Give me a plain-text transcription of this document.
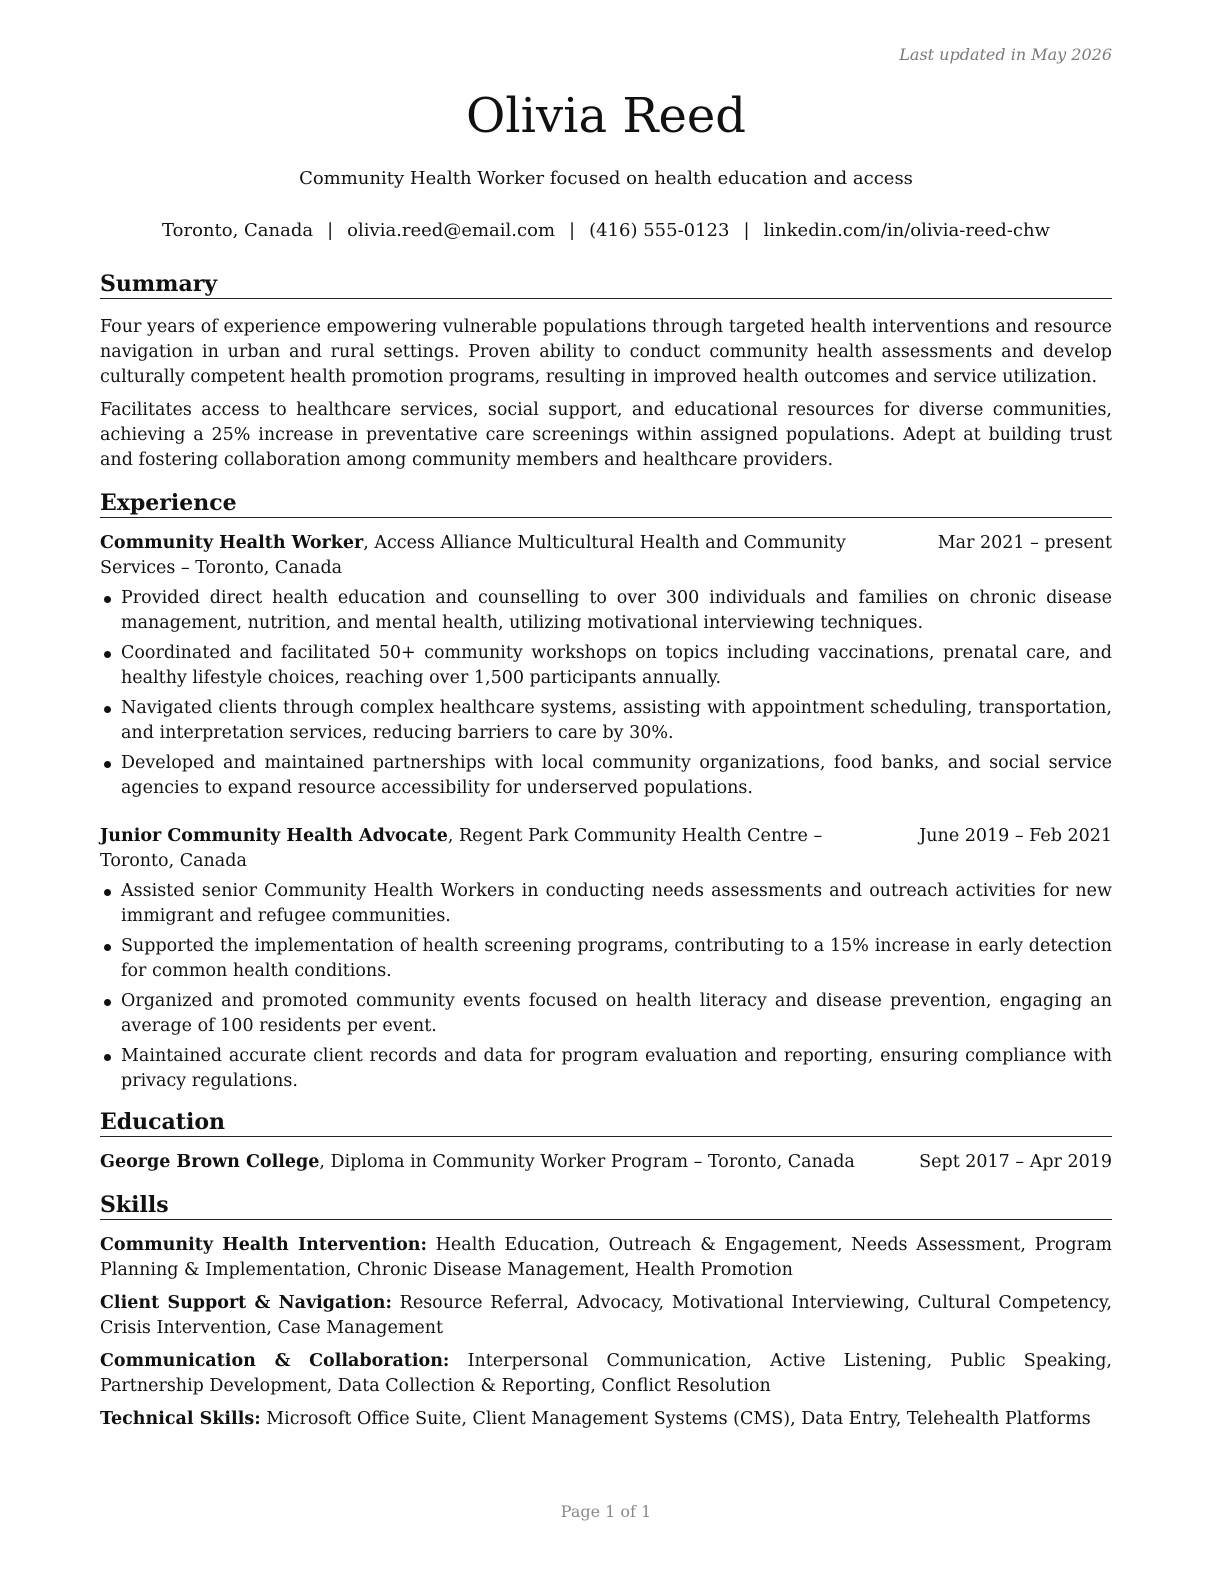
Last updated in May 2026
Olivia Reed
Community Health Worker focused on health education and access
Toronto, Canada | olivia.reed@email.com | (416) 555-0123 | linkedin.com/in/olivia-reed-chw
Summary

Four years of experience empowering vulnerable populations through targeted health interventions and resource navigation in urban and rural settings. Proven ability to conduct community health assessments and develop culturally competent health promotion programs, resulting in improved health outcomes and service utilization.

Facilitates access to healthcare services, social support, and educational resources for diverse communities, achieving a 25% increase in preventative care screenings within assigned populations. Adept at building trust and fostering collaboration among community members and healthcare providers.

Experience
Community Health Worker, Access Alliance Multicultural Health and Community Services – Toronto, Canada
Mar 2021 – present
Provided direct health education and counselling to over 300 individuals and families on chronic disease management, nutrition, and mental health, utilizing motivational interviewing techniques.
Coordinated and facilitated 50+ community workshops on topics including vaccinations, prenatal care, and healthy lifestyle choices, reaching over 1,500 participants annually.
Navigated clients through complex healthcare systems, assisting with appointment scheduling, transportation, and interpretation services, reducing barriers to care by 30%.
Developed and maintained partnerships with local community organizations, food banks, and social service agencies to expand resource accessibility for underserved populations.
Junior Community Health Advocate, Regent Park Community Health Centre – Toronto, Canada
June 2019 – Feb 2021
Assisted senior Community Health Workers in conducting needs assessments and outreach activities for new immigrant and refugee communities.
Supported the implementation of health screening programs, contributing to a 15% increase in early detection for common health conditions.
Organized and promoted community events focused on health literacy and disease prevention, engaging an average of 100 residents per event.
Maintained accurate client records and data for program evaluation and reporting, ensuring compliance with privacy regulations.
Education
George Brown College, Diploma in Community Worker Program – Toronto, Canada	Sept 2017 – Apr 2019
Skills

Community Health Intervention: Health Education, Outreach & Engagement, Needs Assessment, Program Planning & Implementation, Chronic Disease Management, Health Promotion

Client Support & Navigation: Resource Referral, Advocacy, Motivational Interviewing, Cultural Competency, Crisis Intervention, Case Management

Communication & Collaboration: Interpersonal Communication, Active Listening, Public Speaking, Partnership Development, Data Collection & Reporting, Conflict Resolution

Technical Skills: Microsoft Office Suite, Client Management Systems (CMS), Data Entry, Telehealth Platforms

Page 1 of 1
